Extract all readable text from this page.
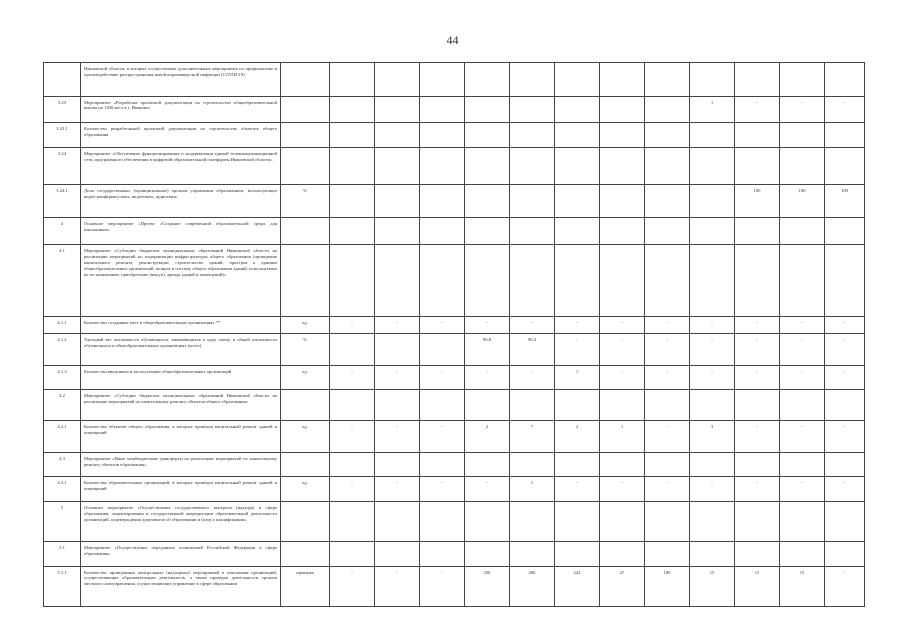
44
	Ивановской области, в которых осуществлены дополнительные мероприятия по профилактике и противодействию распространения новой коронавирусной инфекции (COVID-19)													
3.23	Мероприятие «Разработка проектной документации на строительство общеобразовательной школы на 1300 мест в г. Иваново»										1	-	-	-
3.23.1	Количество разработанной проектной документации на строительство объектов общего образования													
3.24	Мероприятие «Обеспечение функционирования и модернизация единой телекоммуникационной сети, программного обеспечения в цифровой образовательной платформы Ивановской области»													
3.24.1	Доля государственных (муниципальных) органов управления образованием, использующих видео-конференц-связь, видеосвязь, аудиосвязь	%										100	100	100
4	Основное мероприятие «Проект «Создание современной образовательной среды для школьников»													
4.1	Мероприятие «Субсидии бюджетам муниципальных образований Ивановской области на реализацию мероприятий по модернизации инфраструктуры общего образования (проведение капитального ремонта, реконструкции, строительство зданий, пристроя к зданиям общеобразовательных организаций, возврат в систему общего образования зданий, используемых не по назначению, приобретение (выкуп), аренда зданий и помещений)»													
4.1.1	Количество созданных мест в общеобразовательных организациях **	ед.	-	-	-	-	-	-	-	-	-	-	-	-
4.1.2	Удельный вес численности обучающихся, занимающихся в одну смену, в общей численности обучающихся в общеобразовательных организациях (всего)	%				90,8	90,3	-	-	-	-	-	-	-
4.1.3	Количество введенных в эксплуатацию общеобразовательных организаций	ед.	-	-	-	-	-	1	-	-	-	-	-	-
4.2	Мероприятие «Субсидии бюджетам муниципальных образований Ивановской области на реализацию мероприятий по капитальному ремонту объектов общего образования»													
4.2.1	Количество объектов общего образования, в которых проведен капитальный ремонт зданий и помещений	ед.	-	-	-	2	7	2	1	-	3	-	-	-
4.3	Мероприятие «Иные межбюджетные трансферты на реализацию мероприятий по капитальному ремонту объектов образования»													
4.3.1	Количество образовательных организаций, в которых проведен капитальный ремонт зданий и помещений	ед.	-	-	-	-	1	-	-	-	-	-	-	-
5	Основное мероприятие «Осуществление государственного контроля (надзора) в сфере образования, лицензирования и государственной аккредитации образовательной деятельности организаций, подтверждения документов об образовании и (или) о квалификации»													
5.1	Мероприятие «Осуществление переданных полномочий Российской Федерации в сфере образования»													
5.1.1	Количество проведенных контрольных (надзорных) мероприятий в отношении организаций, осуществляющих образовательную деятельность, а также проверок деятельности органов местного самоуправления, осуществляющих управление в сфере образования	проверка	-	-	-	256	266	224	47	180	15	15	15	-
